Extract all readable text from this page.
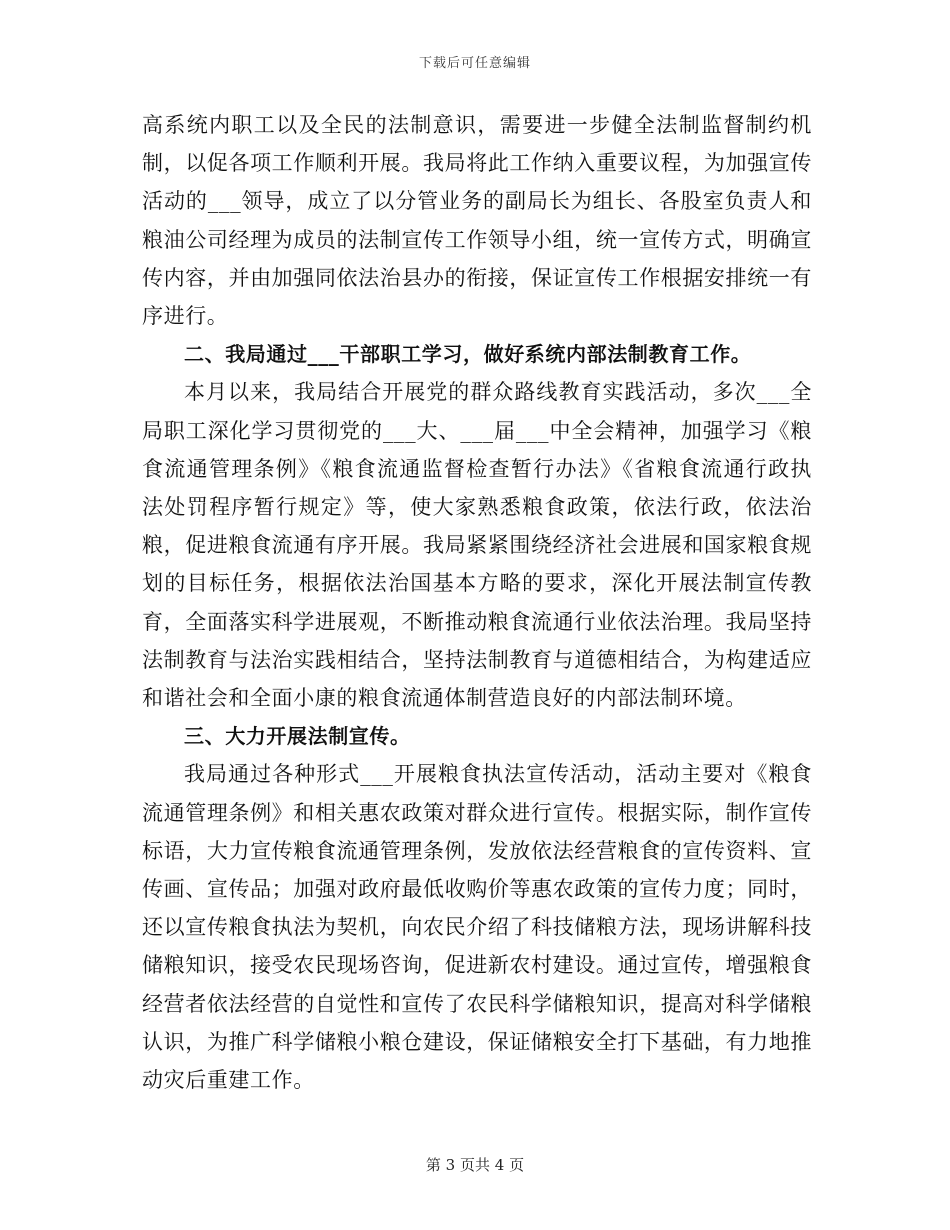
下载后可任意编辑

高系统内职工以及全民的法制意识，需要进一步健全法制监督制约机制，以促各项工作顺利开展。我局将此工作纳入重要议程，为加强宣传活动的___领导，成立了以分管业务的副局长为组长、各股室负责人和粮油公司经理为成员的法制宣传工作领导小组，统一宣传方式，明确宣传内容，并由加强同依法治县办的衔接，保证宣传工作根据安排统一有序进行。

二、我局通过___干部职工学习，做好系统内部法制教育工作。

本月以来，我局结合开展党的群众路线教育实践活动，多次___全局职工深化学习贯彻党的___大、___届___中全会精神，加强学习《粮食流通管理条例》《粮食流通监督检查暂行办法》《省粮食流通行政执法处罚程序暂行规定》等，使大家熟悉粮食政策，依法行政，依法治粮，促进粮食流通有序开展。我局紧紧围绕经济社会进展和国家粮食规划的目标任务，根据依法治国基本方略的要求，深化开展法制宣传教育，全面落实科学进展观，不断推动粮食流通行业依法治理。我局坚持法制教育与法治实践相结合，坚持法制教育与道德相结合，为构建适应和谐社会和全面小康的粮食流通体制营造良好的内部法制环境。

三、大力开展法制宣传。

我局通过各种形式___开展粮食执法宣传活动，活动主要对《粮食流通管理条例》和相关惠农政策对群众进行宣传。根据实际，制作宣传标语，大力宣传粮食流通管理条例，发放依法经营粮食的宣传资料、宣传画、宣传品；加强对政府最低收购价等惠农政策的宣传力度；同时，还以宣传粮食执法为契机，向农民介绍了科技储粮方法，现场讲解科技储粮知识，接受农民现场咨询，促进新农村建设。通过宣传，增强粮食经营者依法经营的自觉性和宣传了农民科学储粮知识，提高对科学储粮认识，为推广科学储粮小粮仓建设，保证储粮安全打下基础，有力地推动灾后重建工作。

第 3 页共 4 页
